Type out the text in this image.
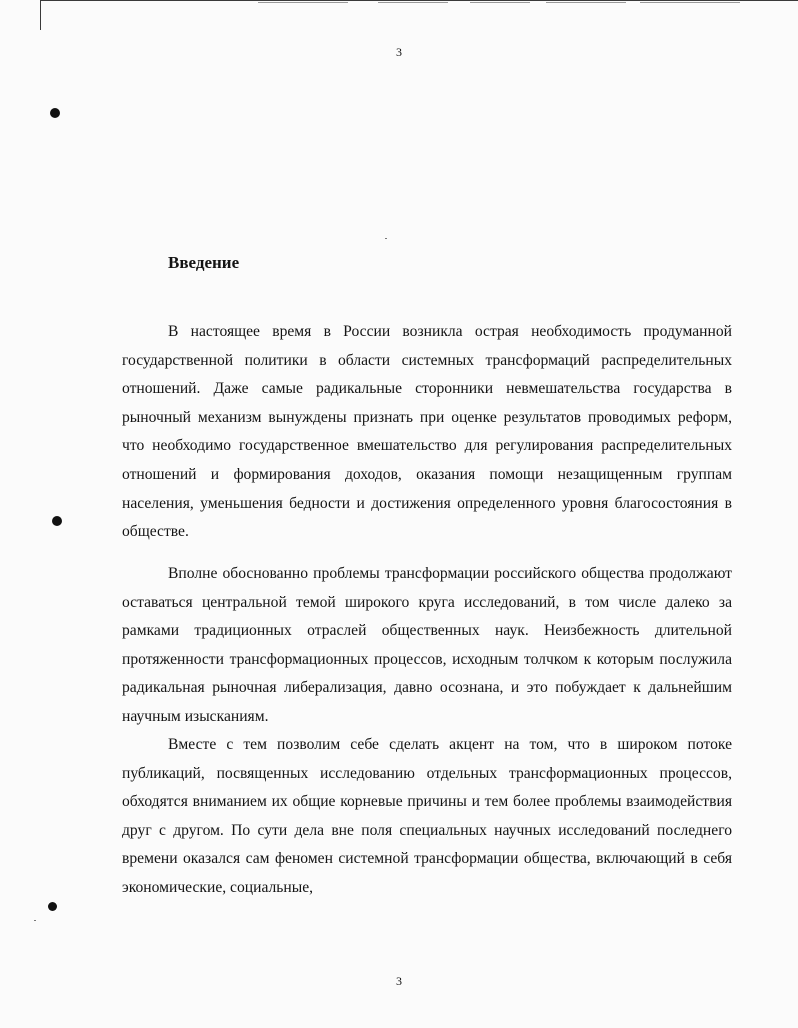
3
Введение

В настоящее время в России возникла острая необходимость продуманной государственной политики в области системных трансформаций распределительных отношений. Даже самые радикальные сторонники невмешательства государства в рыночный механизм вынуждены признать при оценке результатов проводимых реформ, что необходимо государственное вмешательство для регулирования распределительных отношений и формирования доходов, оказания помощи незащищенным группам населения, уменьшения бедности и достижения определенного уровня благосостояния в обществе.

Вполне обоснованно проблемы трансформации российского общества продолжают оставаться центральной темой широкого круга исследований, в том числе далеко за рамками традиционных отраслей общественных наук. Неизбежность длительной протяженности трансформационных процессов, исходным толчком к которым послужила радикальная рыночная либерализация, давно осознана, и это побуждает к дальнейшим научным изысканиям.

Вместе с тем позволим себе сделать акцент на том, что в широком потоке публикаций, посвященных исследованию отдельных трансформационных процессов, обходятся вниманием их общие корневые причины и тем более проблемы взаимодействия друг с другом. По сути дела вне поля специальных научных исследований последнего времени оказался сам феномен системной трансформации общества, включающий в себя экономические, социальные,

3
